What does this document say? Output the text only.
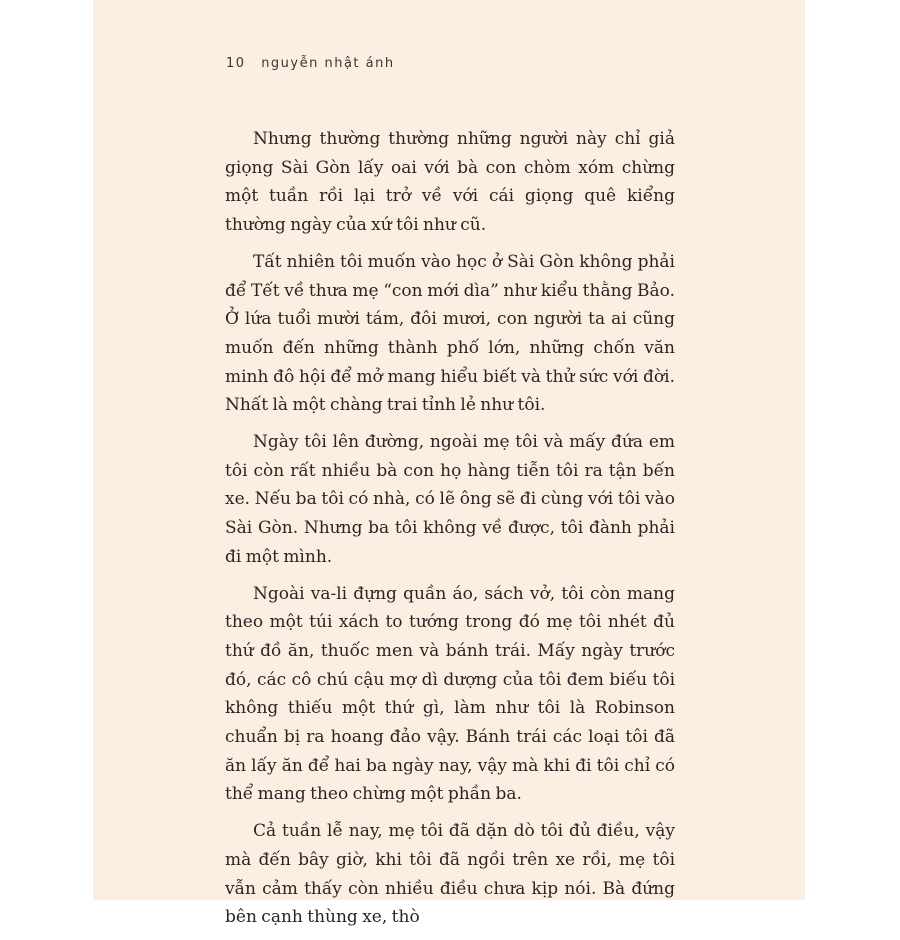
10 nguyễn nhật ánh

Nhưng thường thường những người này chỉ giả giọng Sài Gòn lấy oai với bà con chòm xóm chừng một tuần rồi lại trở về với cái giọng quê kiểng thường ngày của xứ tôi như cũ.

Tất nhiên tôi muốn vào học ở Sài Gòn không phải để Tết về thưa mẹ “con mới dìa” như kiểu thằng Bảo. Ở lứa tuổi mười tám, đôi mươi, con người ta ai cũng muốn đến những thành phố lớn, những chốn văn minh đô hội để mở mang hiểu biết và thử sức với đời. Nhất là một chàng trai tỉnh lẻ như tôi.

Ngày tôi lên đường, ngoài mẹ tôi và mấy đứa em tôi còn rất nhiều bà con họ hàng tiễn tôi ra tận bến xe. Nếu ba tôi có nhà, có lẽ ông sẽ đi cùng với tôi vào Sài Gòn. Nhưng ba tôi không về được, tôi đành phải đi một mình.

Ngoài va-li đựng quần áo, sách vở, tôi còn mang theo một túi xách to tướng trong đó mẹ tôi nhét đủ thứ đồ ăn, thuốc men và bánh trái. Mấy ngày trước đó, các cô chú cậu mợ dì dượng của tôi đem biếu tôi không thiếu một thứ gì, làm như tôi là Robinson chuẩn bị ra hoang đảo vậy. Bánh trái các loại tôi đã ăn lấy ăn để hai ba ngày nay, vậy mà khi đi tôi chỉ có thể mang theo chừng một phần ba.

Cả tuần lễ nay, mẹ tôi đã dặn dò tôi đủ điều, vậy mà đến bây giờ, khi tôi đã ngồi trên xe rồi, mẹ tôi vẫn cảm thấy còn nhiều điều chưa kịp nói. Bà đứng bên cạnh thùng xe, thò
